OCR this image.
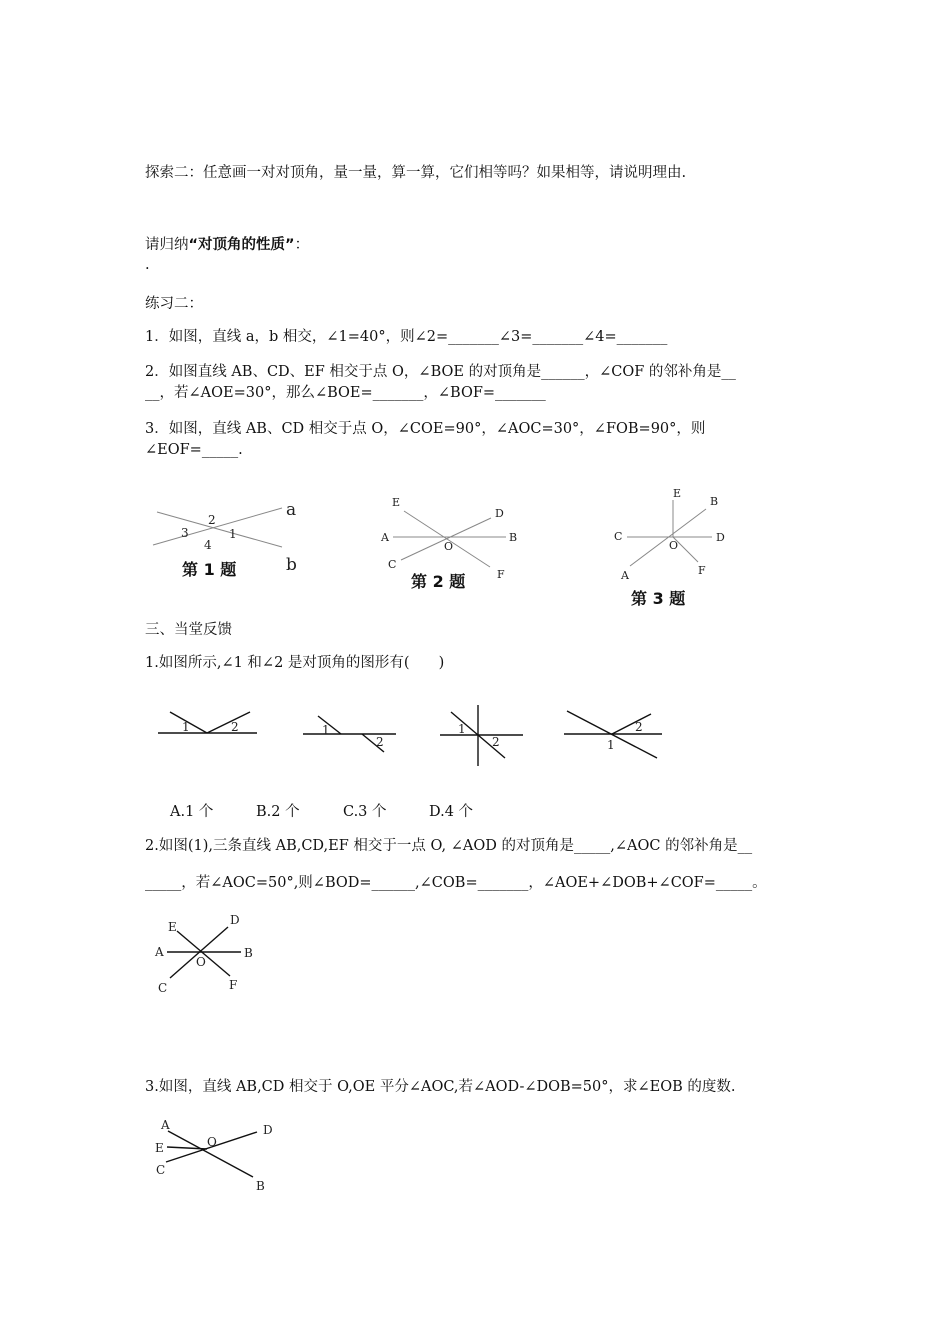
探索二：任意画一对对顶角，量一量，算一算，它们相等吗？如果相等，请说明理由.
请归纳“对顶角的性质”：
.
练习二：
1．如图，直线 a，b 相交，∠1=40°，则∠2=_______∠3=_______∠4=_______
2．如图直线 AB、CD、EF 相交于点 O，∠BOE 的对顶角是______，∠COF 的邻补角是__
__，若∠AOE=30°，那么∠BOE=_______，∠BOF=_______
3．如图，直线 AB、CD 相交于点 O，∠COE=90°，∠AOC=30°，∠FOB=90°，则
∠EOF=_____.
a
b
2
3	1
4
E
D
A	B
O
C
F
E
B
C	D
O
F
A
1	2	1
2
1
2	1
2
E	D
A	B
O
C	F
A	D
E	O
C
B
第 1 题
第 2 题
第 3 题
三、当堂反馈
1.如图所示,∠1 和∠2 是对顶角的图形有(　　)
A.1 个	B.2 个	C.3 个	D.4 个
2.如图(1),三条直线 AB,CD,EF 相交于一点 O, ∠AOD 的对顶角是_____,∠AOC 的邻补角是__
_____，若∠AOC=50°,则∠BOD=______,∠COB=_______，∠AOE+∠DOB+∠COF=_____。
3.如图，直线 AB,CD 相交于 O,OE 平分∠AOC,若∠AOD-∠DOB=50°，求∠EOB 的度数.
